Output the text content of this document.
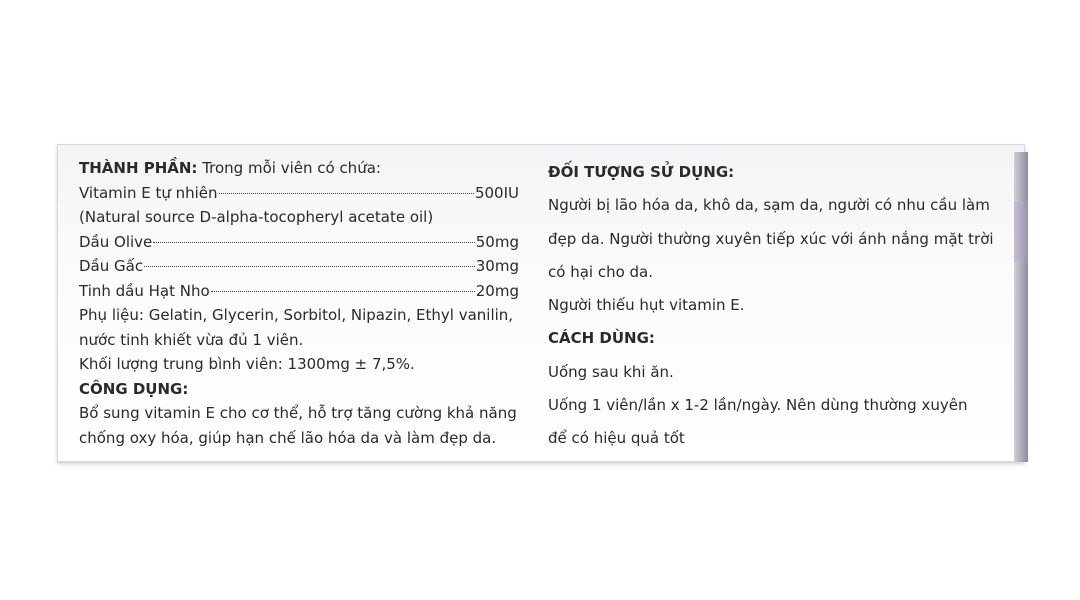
THÀNH PHẦN: Trong mỗi viên có chứa:

Vitamin E tự nhiên	500IU

(Natural source D-alpha-tocopheryl acetate oil)

Dầu Olive	50mg
Dầu Gấc	30mg
Tinh dầu Hạt Nho	20mg

Phụ liệu: Gelatin, Glycerin, Sorbitol, Nipazin, Ethyl vanilin,

nước tinh khiết vừa đủ 1 viên.

Khối lượng trung bình viên: 1300mg ± 7,5%.

CÔNG DỤNG:

Bổ sung vitamin E cho cơ thể, hỗ trợ tăng cường khả năng

chống oxy hóa, giúp hạn chế lão hóa da và làm đẹp da.

ĐỐI TƯỢNG SỬ DỤNG:

Người bị lão hóa da, khô da, sạm da, người có nhu cầu làm

đẹp da. Người thường xuyên tiếp xúc với ánh nắng mặt trời

có hại cho da.

Người thiếu hụt vitamin E.

CÁCH DÙNG:

Uống sau khi ăn.

Uống 1 viên/lần x 1-2 lần/ngày. Nên dùng thường xuyên

để có hiệu quả tốt
